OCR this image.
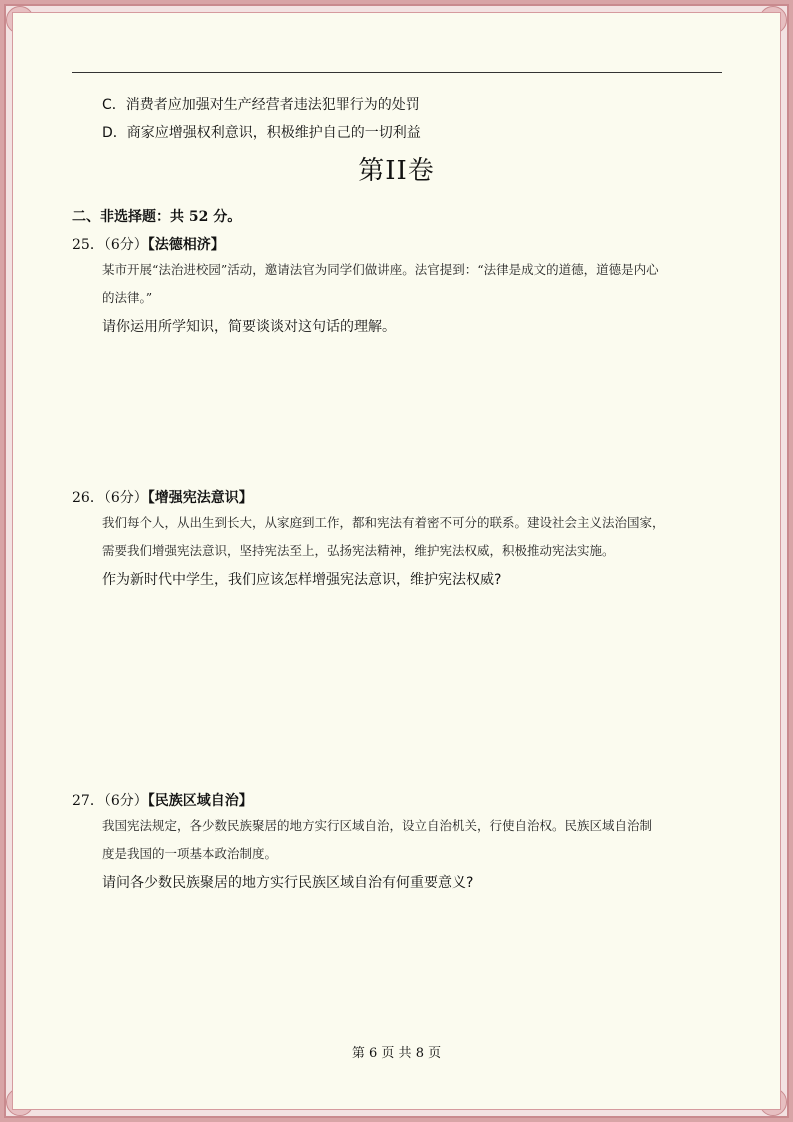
C．消费者应加强对生产经营者违法犯罪行为的处罚
D．商家应增强权利意识，积极维护自己的一切利益
第II卷
二、非选择题：共 52 分。
25．（6分）【法德相济】
某市开展“法治进校园”活动，邀请法官为同学们做讲座。法官提到：“法律是成文的道德，道德是内心
的法律。”
请你运用所学知识，简要谈谈对这句话的理解。
26．（6分）【增强宪法意识】
我们每个人，从出生到长大，从家庭到工作，都和宪法有着密不可分的联系。建设社会主义法治国家，
需要我们增强宪法意识，坚持宪法至上，弘扬宪法精神，维护宪法权威，积极推动宪法实施。
作为新时代中学生，我们应该怎样增强宪法意识，维护宪法权威?
27．（6分）【民族区域自治】
我国宪法规定，各少数民族聚居的地方实行区域自治，设立自治机关，行使自治权。民族区域自治制
度是我国的一项基本政治制度。
请问各少数民族聚居的地方实行民族区域自治有何重要意义?
第 6 页 共 8 页
